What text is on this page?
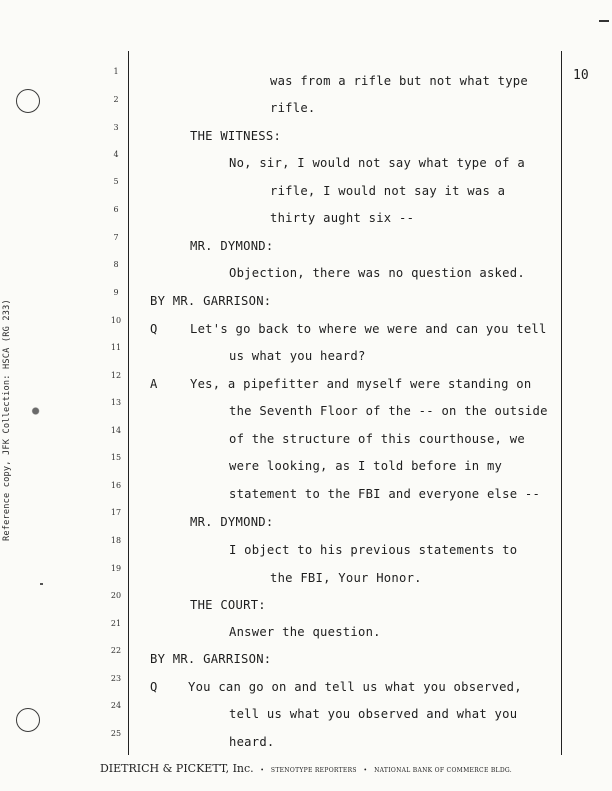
Reference copy, JFK Collection: HSCA (RG 233)
10
1
2
3
4
5
6
7
8
9
10
11
12
13
14
15
16
17
18
19
20
21
22
23
24
25
was from a rifle but not what type
rifle.
THE WITNESS:
No, sir, I would not say what type of a
rifle, I would not say it was a
thirty aught six --
MR. DYMOND:
Objection, there was no question asked.
BY MR. GARRISON:
Q	Let's go back to where we were and can you tell
us what you heard?
A	Yes, a pipefitter and myself were standing on
the Seventh Floor of the -- on the outside
of the structure of this courthouse, we
were looking, as I told before in my
statement to the FBI and everyone else --
MR. DYMOND:
I object to his previous statements to
the FBI, Your Honor.
THE COURT:
Answer the question.
BY MR. GARRISON:
Q You can go on and tell us what you observed,
tell us what you observed and what you
heard.
DIETRICH & PICKETT, Inc. • STENOTYPE REPORTERS • NATIONAL BANK OF COMMERCE BLDG.
